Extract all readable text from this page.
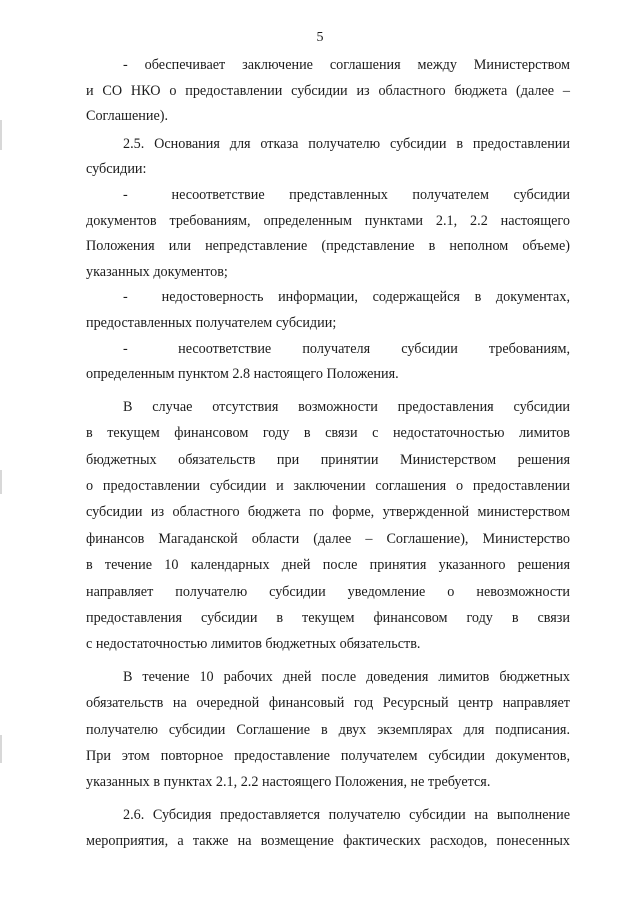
5

- обеспечивает заключение соглашения между Министерством
и СО НКО о предоставлении субсидии из областного бюджета (далее –
Соглашение).

2.5. Основания для отказа получателю субсидии в предоставлении
субсидии:

-	несоответствие представленных получателем субсидии
документов требованиям, определенным пунктами 2.1, 2.2 настоящего
Положения или непредставление (представление в неполном объеме)
указанных документов;

- недостоверность информации, содержащейся в документах,
предоставленных получателем субсидии;

-	несоответствие получателя субсидии требованиям,
определенным пунктом 2.8 настоящего Положения.

В случае отсутствия возможности предоставления субсидии
в текущем финансовом году в связи с недостаточностью лимитов
бюджетных обязательств при принятии Министерством решения
о предоставлении субсидии и заключении соглашения о предоставлении
субсидии из областного бюджета по форме, утвержденной министерством
финансов Магаданской области (далее – Соглашение), Министерство
в течение 10 календарных дней после принятия указанного решения
направляет получателю субсидии уведомление о невозможности
предоставления субсидии в текущем финансовом году в связи
с недостаточностью лимитов бюджетных обязательств.

В течение 10 рабочих дней после доведения лимитов бюджетных
обязательств на очередной финансовый год Ресурсный центр направляет
получателю субсидии Соглашение в двух экземплярах для подписания.
При этом повторное предоставление получателем субсидии документов,
указанных в пунктах 2.1, 2.2 настоящего Положения, не требуется.

2.6. Субсидия предоставляется получателю субсидии на выполнение
мероприятия, а также на возмещение фактических расходов, понесенных
